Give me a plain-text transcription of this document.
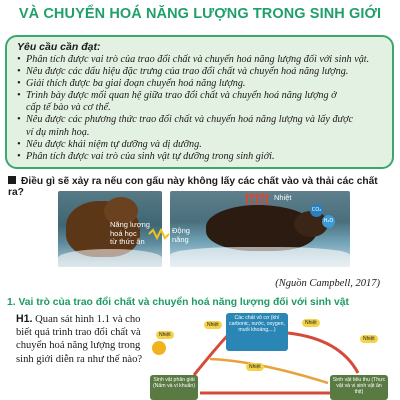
VÀ CHUYỂN HOÁ NĂNG LƯỢNG TRONG SINH GIỚI
Yêu cầu cần đạt:
• Phân tích được vai trò của trao đổi chất và chuyển hoá năng lượng đối với sinh vật.
• Nêu được các dấu hiệu đặc trưng của trao đổi chất và chuyển hoá năng lượng.
• Giải thích được ba giai đoạn chuyển hoá năng lượng.
• Trình bày được mối quan hệ giữa trao đổi chất và chuyển hoá năng lượng ở
cấp tế bào và cơ thể.
• Nêu được các phương thức trao đổi chất và chuyển hoá năng lượng và lấy được
ví dụ minh hoạ.
• Nêu được khái niệm tự dưỡng và dị dưỡng.
• Phân tích được vai trò của sinh vật tự dưỡng trong sinh giới.
Điều gì sẽ xảy ra nếu con gấu này không lấy các chất vào và thải các chất ra?
Năng lượng
hoá học
từ thức ăn
Nhiệt
Động
năng
CO₂
H₂O
(Nguồn Campbell, 2017)
1. Vai trò của trao đổi chất và chuyển hoá năng lượng đối với sinh vật
H1. Quan sát hình 1.1 và cho biết quá trình trao đổi chất và chuyển hoá năng lượng trong sinh giới diễn ra như thế nào?
Nhiệt
Nhiệt	Nhiệt
Nhiệt
Nhiệt
Các chất vô cơ (khí carbonic, nước, oxygen, muối khoáng,...)
Sinh vật phân giải (Nấm và vi khuẩn)
Sinh vật tiêu thụ (Thực vật và vi sinh vật ăn thịt)
